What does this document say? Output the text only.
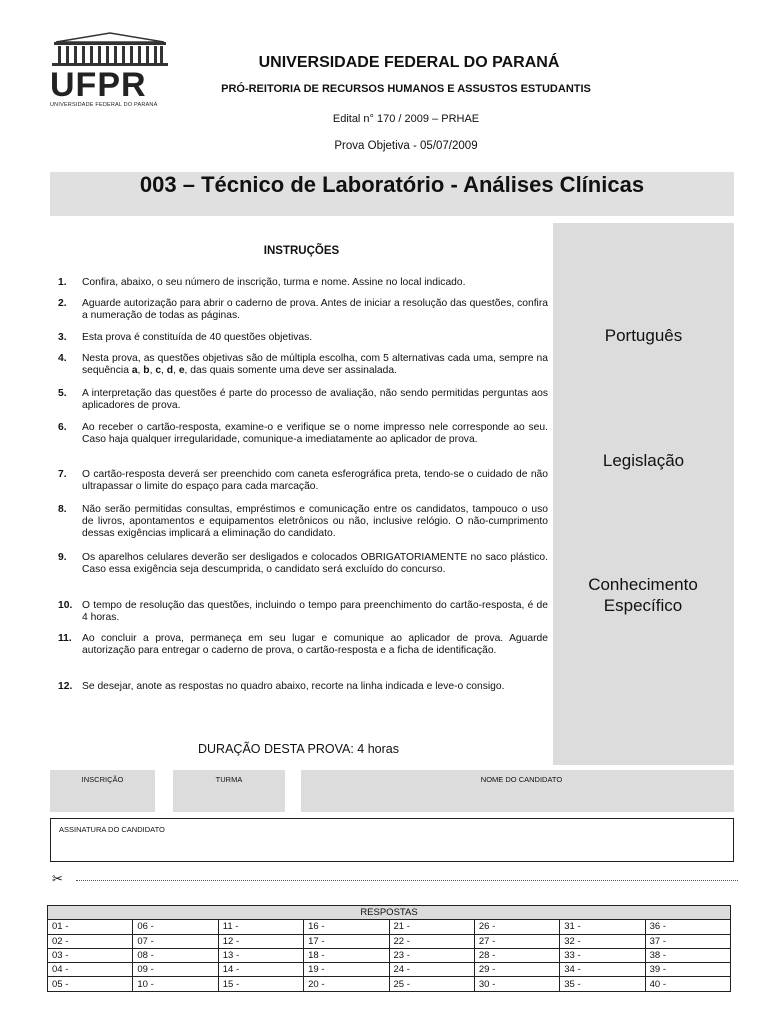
UFPR
UNIVERSIDADE FEDERAL DO PARANÁ
UNIVERSIDADE FEDERAL DO PARANÁ
PRÓ-REITORIA DE RECURSOS HUMANOS E ASSUSTOS ESTUDANTIS
Edital n° 170 / 2009 – PRHAE
Prova Objetiva - 05/07/2009
003 – Técnico de Laboratório - Análises Clínicas
Português
Legislação
Conhecimento Específico
INSTRUÇÕES
1. Confira, abaixo, o seu número de inscrição, turma e nome. Assine no local indicado.
2. Aguarde autorização para abrir o caderno de prova. Antes de iniciar a resolução das questões, confira a numeração de todas as páginas.
3. Esta prova é constituída de 40 questões objetivas.
4. Nesta prova, as questões objetivas são de múltipla escolha, com 5 alternativas cada uma, sempre na sequência a, b, c, d, e, das quais somente uma deve ser assinalada.
5. A interpretação das questões é parte do processo de avaliação, não sendo permitidas perguntas aos aplicadores de prova.
6. Ao receber o cartão-resposta, examine-o e verifique se o nome impresso nele corresponde ao seu. Caso haja qualquer irregularidade, comunique-a imediatamente ao aplicador de prova.
7. O cartão-resposta deverá ser preenchido com caneta esferográfica preta, tendo-se o cuidado de não ultrapassar o limite do espaço para cada marcação.
8. Não serão permitidas consultas, empréstimos e comunicação entre os candidatos, tampouco o uso de livros, apontamentos e equipamentos eletrônicos ou não, inclusive relógio. O não-cumprimento dessas exigências implicará a eliminação do candidato.
9. Os aparelhos celulares deverão ser desligados e colocados OBRIGATORIAMENTE no saco plástico. Caso essa exigência seja descumprida, o candidato será excluído do concurso.
10. O tempo de resolução das questões, incluindo o tempo para preenchimento do cartão-resposta, é de 4 horas.
11. Ao concluir a prova, permaneça em seu lugar e comunique ao aplicador de prova. Aguarde autorização para entregar o caderno de prova, o cartão-resposta e a ficha de identificação.
12. Se desejar, anote as respostas no quadro abaixo, recorte na linha indicada e leve-o consigo.
DURAÇÃO DESTA PROVA: 4 horas
INSCRIÇÃO	TURMA	NOME DO CANDIDATO
ASSINATURA DO CANDIDATO
✂
RESPOSTAS							
01 -	06 -	11 -	16 -	21 -	26 -	31 -	36 -
02 -	07 -	12 -	17 -	22 -	27 -	32 -	37 -
03 -	08 -	13 -	18 -	23 -	28 -	33 -	38 -
04 -	09 -	14 -	19 -	24 -	29 -	34 -	39 -
05 -	10 -	15 -	20 -	25 -	30 -	35 -	40 -
